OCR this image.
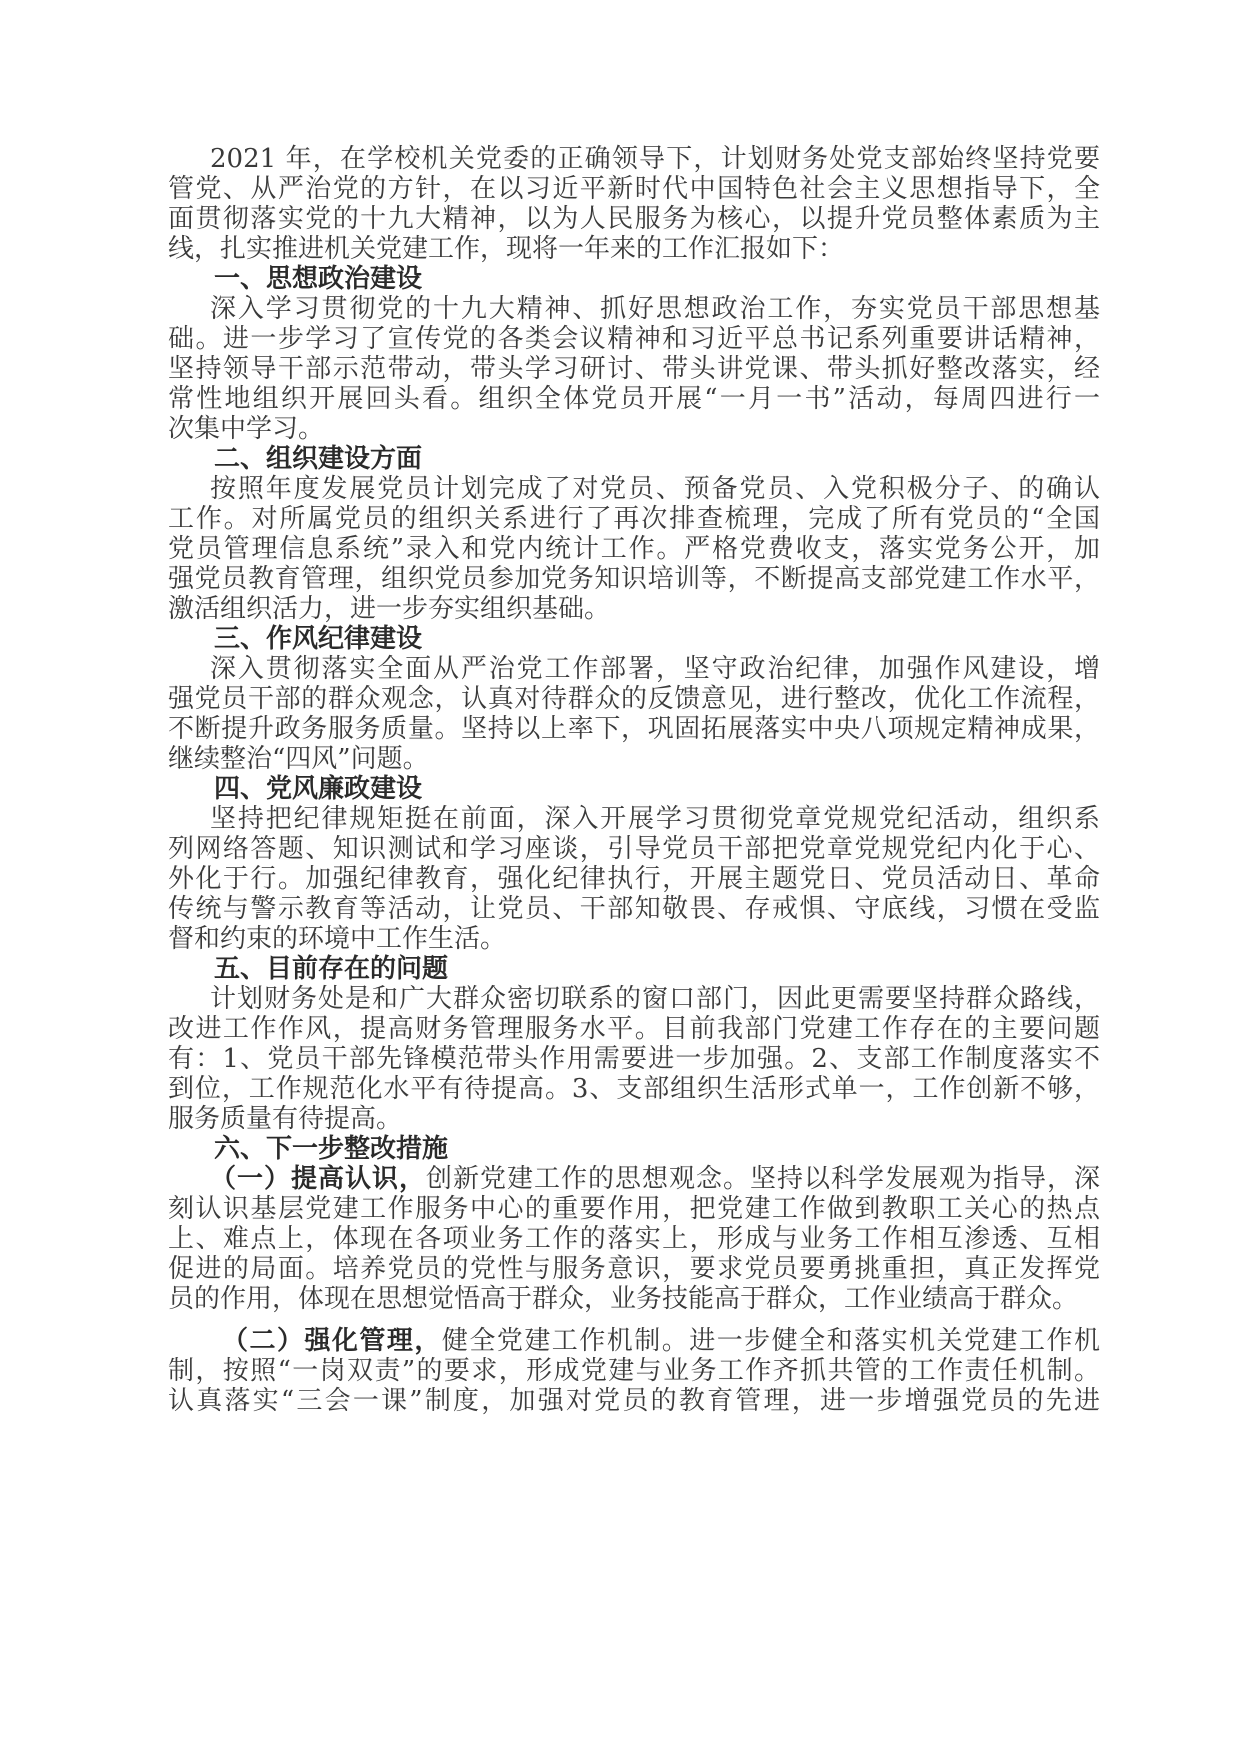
2021 年，在学校机关党委的正确领导下，计划财务处党支部始终坚持党要
管党、从严治党的方针，在以习近平新时代中国特色社会主义思想指导下，全
面贯彻落实党的十九大精神，以为人民服务为核心，以提升党员整体素质为主
线，扎实推进机关党建工作，现将一年来的工作汇报如下：
一、思想政治建设
深入学习贯彻党的十九大精神、抓好思想政治工作，夯实党员干部思想基
础。进一步学习了宣传党的各类会议精神和习近平总书记系列重要讲话精神，
坚持领导干部示范带动，带头学习研讨、带头讲党课、带头抓好整改落实，经
常性地组织开展回头看。组织全体党员开展“一月一书”活动，每周四进行一
次集中学习。
二、组织建设方面
按照年度发展党员计划完成了对党员、预备党员、入党积极分子、的确认
工作。对所属党员的组织关系进行了再次排查梳理，完成了所有党员的“全国
党员管理信息系统”录入和党内统计工作。严格党费收支，落实党务公开，加
强党员教育管理，组织党员参加党务知识培训等，不断提高支部党建工作水平，
激活组织活力，进一步夯实组织基础。
三、作风纪律建设
深入贯彻落实全面从严治党工作部署，坚守政治纪律，加强作风建设，增
强党员干部的群众观念，认真对待群众的反馈意见，进行整改，优化工作流程，
不断提升政务服务质量。坚持以上率下，巩固拓展落实中央八项规定精神成果，
继续整治“四风”问题。
四、党风廉政建设
坚持把纪律规矩挺在前面，深入开展学习贯彻党章党规党纪活动，组织系
列网络答题、知识测试和学习座谈，引导党员干部把党章党规党纪内化于心、
外化于行。加强纪律教育，强化纪律执行，开展主题党日、党员活动日、革命
传统与警示教育等活动，让党员、干部知敬畏、存戒惧、守底线，习惯在受监
督和约束的环境中工作生活。
五、目前存在的问题
计划财务处是和广大群众密切联系的窗口部门，因此更需要坚持群众路线，
改进工作作风，提高财务管理服务水平。目前我部门党建工作存在的主要问题
有：1、党员干部先锋模范带头作用需要进一步加强。2、支部工作制度落实不
到位，工作规范化水平有待提高。3、支部组织生活形式单一，工作创新不够，
服务质量有待提高。
六、下一步整改措施
（一）提高认识，创新党建工作的思想观念。坚持以科学发展观为指导，深
刻认识基层党建工作服务中心的重要作用，把党建工作做到教职工关心的热点
上、难点上，体现在各项业务工作的落实上，形成与业务工作相互渗透、互相
促进的局面。培养党员的党性与服务意识，要求党员要勇挑重担，真正发挥党
员的作用，体现在思想觉悟高于群众，业务技能高于群众，工作业绩高于群众。
（二）强化管理，健全党建工作机制。进一步健全和落实机关党建工作机
制，按照“一岗双责”的要求，形成党建与业务工作齐抓共管的工作责任机制。
认真落实“三会一课”制度，加强对党员的教育管理，进一步增强党员的先进
